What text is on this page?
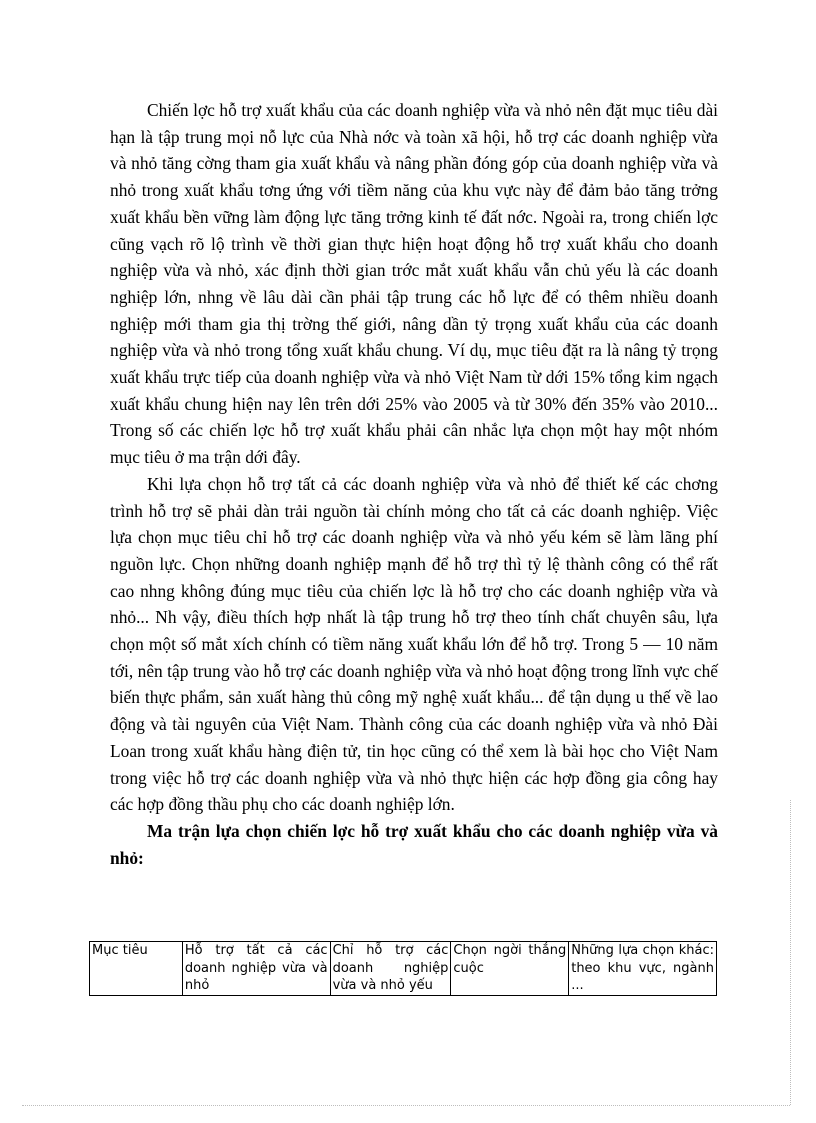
Chiến lợc hỗ trợ xuất khẩu của các doanh nghiệp vừa và nhỏ nên đặt mục tiêu dài hạn là tập trung mọi nỗ lực của Nhà nớc và toàn xã hội, hỗ trợ các doanh nghiệp vừa và nhỏ tăng cờng tham gia xuất khẩu và nâng phần đóng góp của doanh nghiệp vừa và nhỏ trong xuất khẩu tơng ứng với tiềm năng của khu vực này để đảm bảo tăng trởng xuất khẩu bền vững làm động lực tăng trởng kinh tế đất nớc. Ngoài ra, trong chiến lợc cũng vạch rõ lộ trình về thời gian thực hiện hoạt động hỗ trợ xuất khẩu cho doanh nghiệp vừa và nhỏ, xác định thời gian trớc mắt xuất khẩu vẫn chủ yếu là các doanh nghiệp lớn, nhng về lâu dài cần phải tập trung các hỗ lực để có thêm nhiều doanh nghiệp mới tham gia thị trờng thế giới, nâng dần tỷ trọng xuất khẩu của các doanh nghiệp vừa và nhỏ trong tổng xuất khẩu chung. Ví dụ, mục tiêu đặt ra là nâng tỷ trọng xuất khẩu trực tiếp của doanh nghiệp vừa và nhỏ Việt Nam từ dới 15% tổng kim ngạch xuất khẩu chung hiện nay lên trên dới 25% vào 2005 và từ 30% đến 35% vào 2010... Trong số các chiến lợc hỗ trợ xuất khẩu phải cân nhắc lựa chọn một hay một nhóm mục tiêu ở ma trận dới đây.

Khi lựa chọn hỗ trợ tất cả các doanh nghiệp vừa và nhỏ để thiết kế các chơng trình hỗ trợ sẽ phải dàn trải nguồn tài chính mỏng cho tất cả các doanh nghiệp. Việc lựa chọn mục tiêu chỉ hỗ trợ các doanh nghiệp vừa và nhỏ yếu kém sẽ làm lãng phí nguồn lực. Chọn những doanh nghiệp mạnh để hỗ trợ thì tỷ lệ thành công có thể rất cao nhng không đúng mục tiêu của chiến lợc là hỗ trợ cho các doanh nghiệp vừa và nhỏ... Nh vậy, điều thích hợp nhất là tập trung hỗ trợ theo tính chất chuyên sâu, lựa chọn một số mắt xích chính có tiềm năng xuất khẩu lớn để hỗ trợ. Trong 5 — 10 năm tới, nên tập trung vào hỗ trợ các doanh nghiệp vừa và nhỏ hoạt động trong lĩnh vực chế biến thực phẩm, sản xuất hàng thủ công mỹ nghệ xuất khẩu... để tận dụng u thế về lao động và tài nguyên của Việt Nam. Thành công của các doanh nghiệp vừa và nhỏ Đài Loan trong xuất khẩu hàng điện tử, tin học cũng có thể xem là bài học cho Việt Nam trong việc hỗ trợ các doanh nghiệp vừa và nhỏ thực hiện các hợp đồng gia công hay các hợp đồng thầu phụ cho các doanh nghiệp lớn.

Ma trận lựa chọn chiến lợc hỗ trợ xuất khẩu cho các doanh nghiệp vừa và nhỏ:

Mục tiêu	Hỗ trợ tất cả các doanh nghiệp vừa và nhỏ	Chỉ hỗ trợ các doanh nghiệp vừa và nhỏ yếu	Chọn ngời thắng cuộc	Những lựa chọn khác: theo khu vực, ngành ...
